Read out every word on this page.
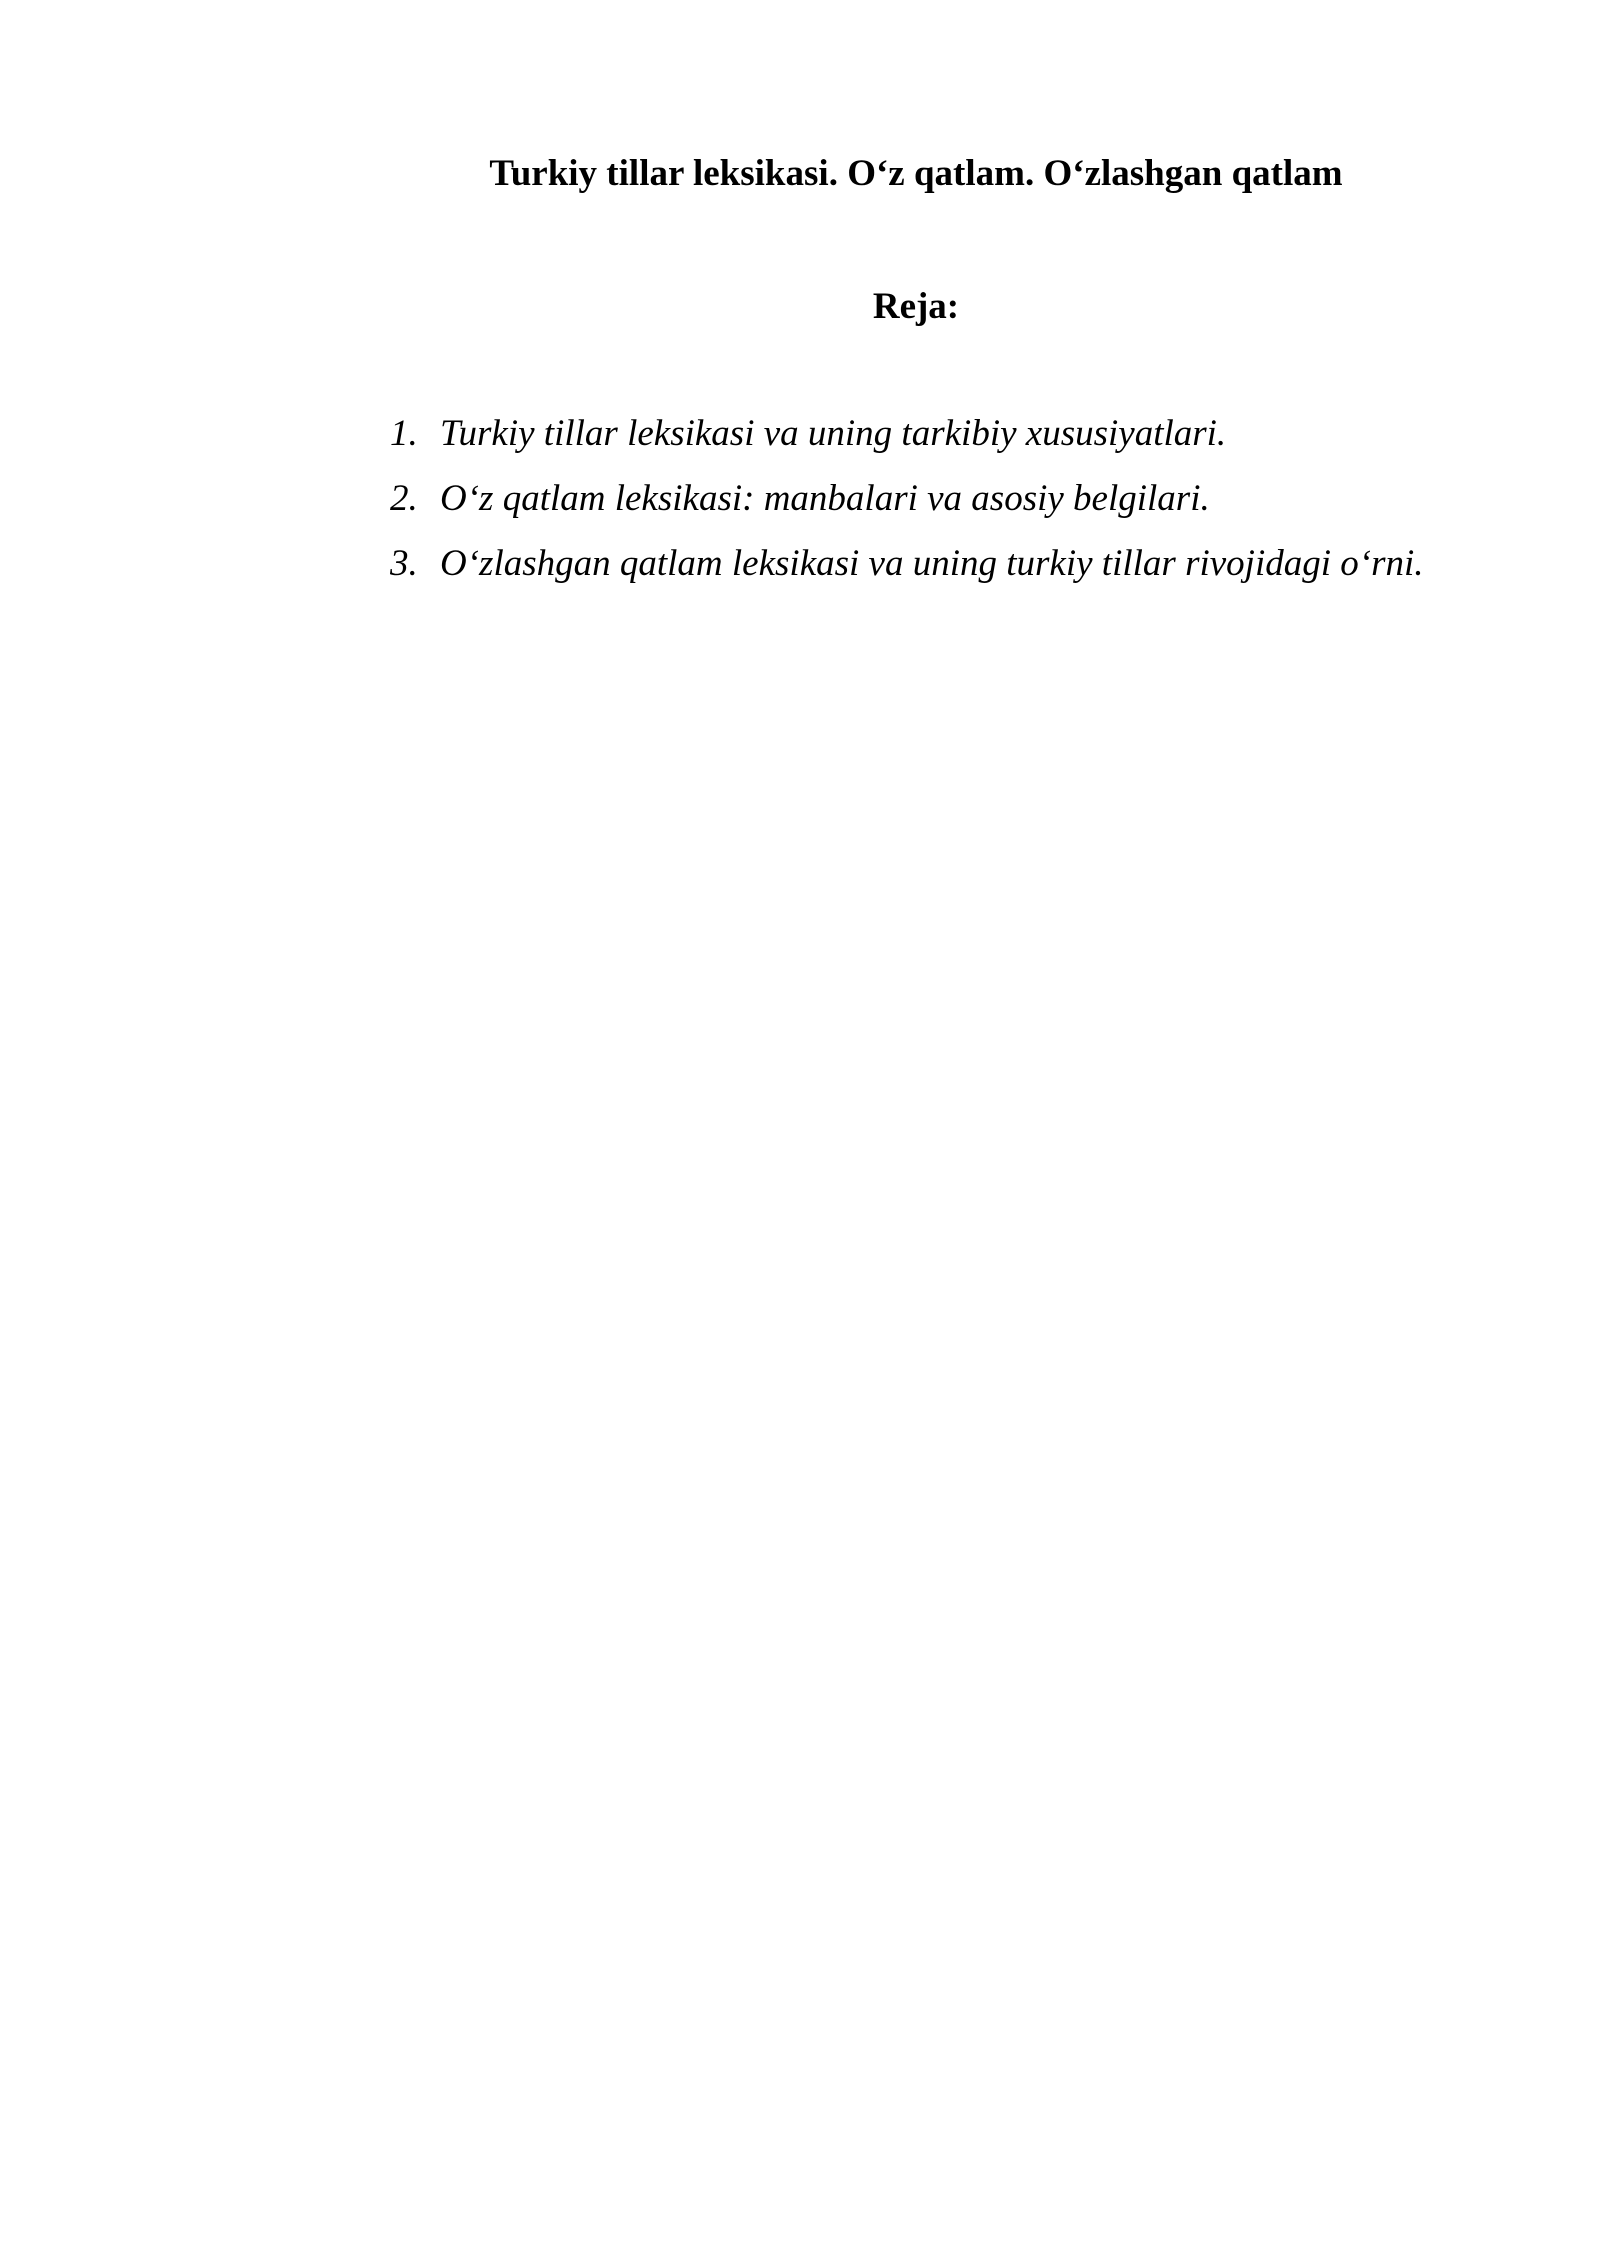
Turkiy tillar leksikasi. O‘z qatlam. O‘zlashgan qatlam
Reja:
1. Turkiy tillar leksikasi va uning tarkibiy xususiyatlari.
2. O‘z qatlam leksikasi: manbalari va asosiy belgilari.
3. O‘zlashgan qatlam leksikasi va uning turkiy tillar rivojidagi o‘rni.
